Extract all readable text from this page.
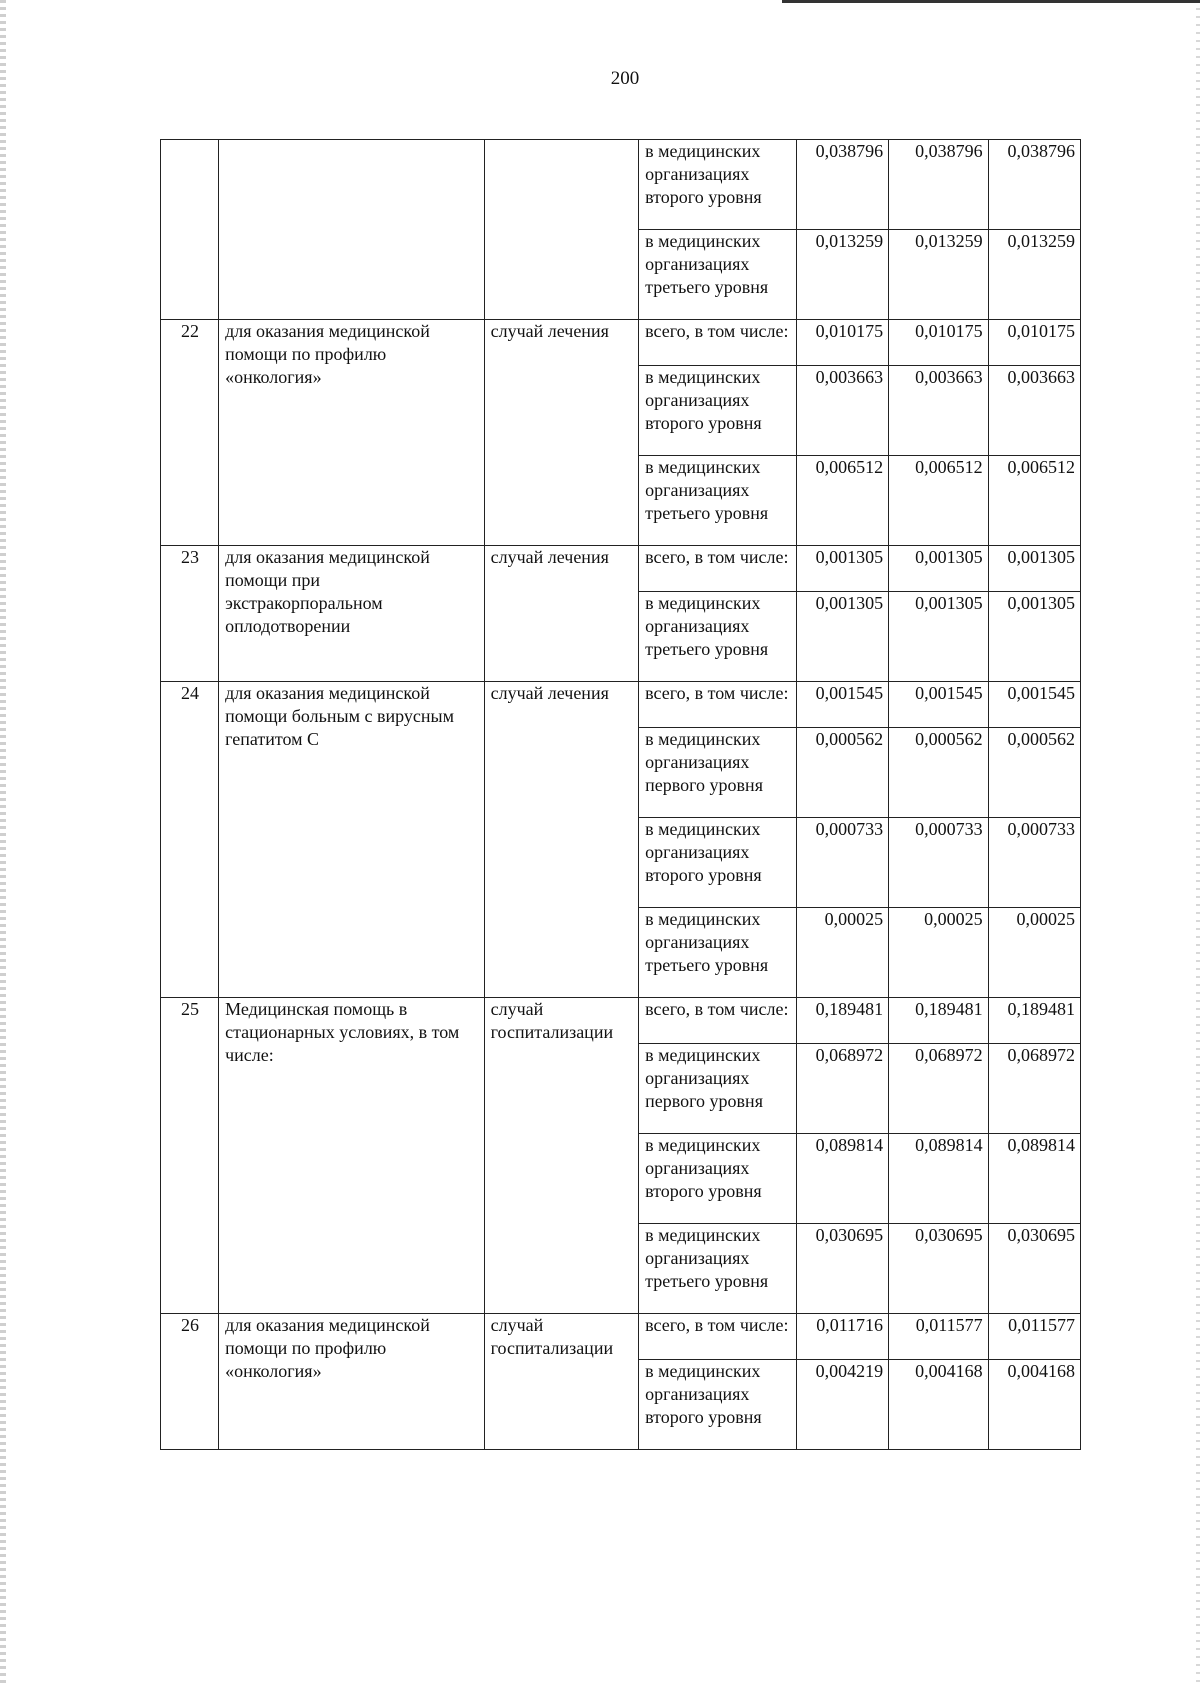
200
			в медицинских организациях второго уровня	0,038796	0,038796	0,038796
			в медицинских организациях третьего уровня	0,013259	0,013259	0,013259
22	для оказания медицинской помощи по профилю «онкология»	случай лечения	всего, в том числе:	0,010175	0,010175	0,010175
			в медицинских организациях второго уровня	0,003663	0,003663	0,003663
			в медицинских организациях третьего уровня	0,006512	0,006512	0,006512
23	для оказания медицинской помощи при экстракорпоральном оплодотворении	случай лечения	всего, в том числе:	0,001305	0,001305	0,001305
			в медицинских организациях третьего уровня	0,001305	0,001305	0,001305
24	для оказания медицинской помощи больным с вирусным гепатитом С	случай лечения	всего, в том числе:	0,001545	0,001545	0,001545
			в медицинских организациях первого уровня	0,000562	0,000562	0,000562
			в медицинских организациях второго уровня	0,000733	0,000733	0,000733
			в медицинских организациях третьего уровня	0,00025	0,00025	0,00025
25	Медицинская помощь в стационарных условиях, в том числе:	случай госпитализации	всего, в том числе:	0,189481	0,189481	0,189481
			в медицинских организациях первого уровня	0,068972	0,068972	0,068972
			в медицинских организациях второго уровня	0,089814	0,089814	0,089814
			в медицинских организациях третьего уровня	0,030695	0,030695	0,030695
26	для оказания медицинской помощи по профилю «онкология»	случай госпитализации	всего, в том числе:	0,011716	0,011577	0,011577
			в медицинских организациях второго уровня	0,004219	0,004168	0,004168
